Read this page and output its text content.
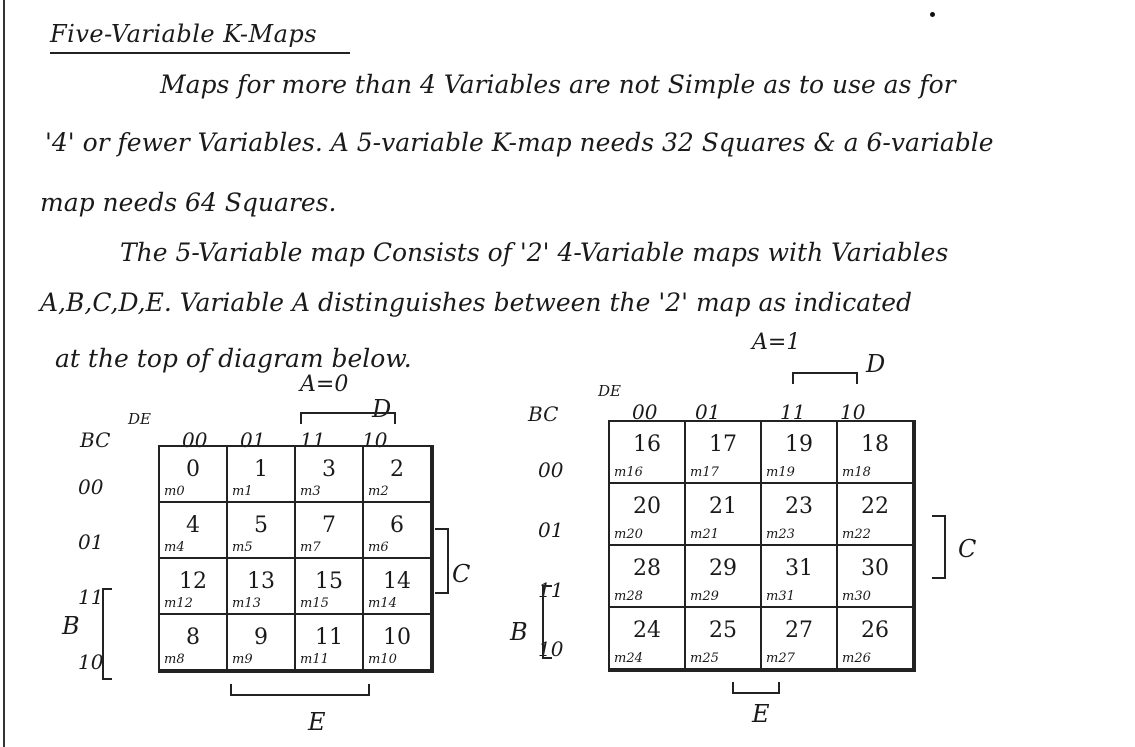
Five-Variable K-Maps
Maps for more than 4 Variables are not Simple as to use as for
'4' or fewer Variables. A 5-variable K-map needs 32 Squares & a 6-variable
map needs 64 Squares.
The 5-Variable map Consists of '2' 4-Variable maps with Variables
A,B,C,D,E. Variable A distinguishes between the '2' map as indicated
at the top of diagram below.
A=0
BC
DE
00 01 11 10
00
01
11
10
0
m0
1
m1
3
m3
2
m2
4
m4
5
m5
7
m7
6
m6
12
m12
13
m13
15
m15
14
m14
8
m8
9
m9
11
m11
10
m10
B
C
D
E
A=1
BC
DE
00 01	11 10
00
01
11
10
16
m16
17
m17
19
m19
18
m18
20
m20
21
m21
23
m23
22
m22
28
m28
29
m29
31
m31
30
m30
24
m24
25
m25
27
m27
26
m26
B
C
D
E
